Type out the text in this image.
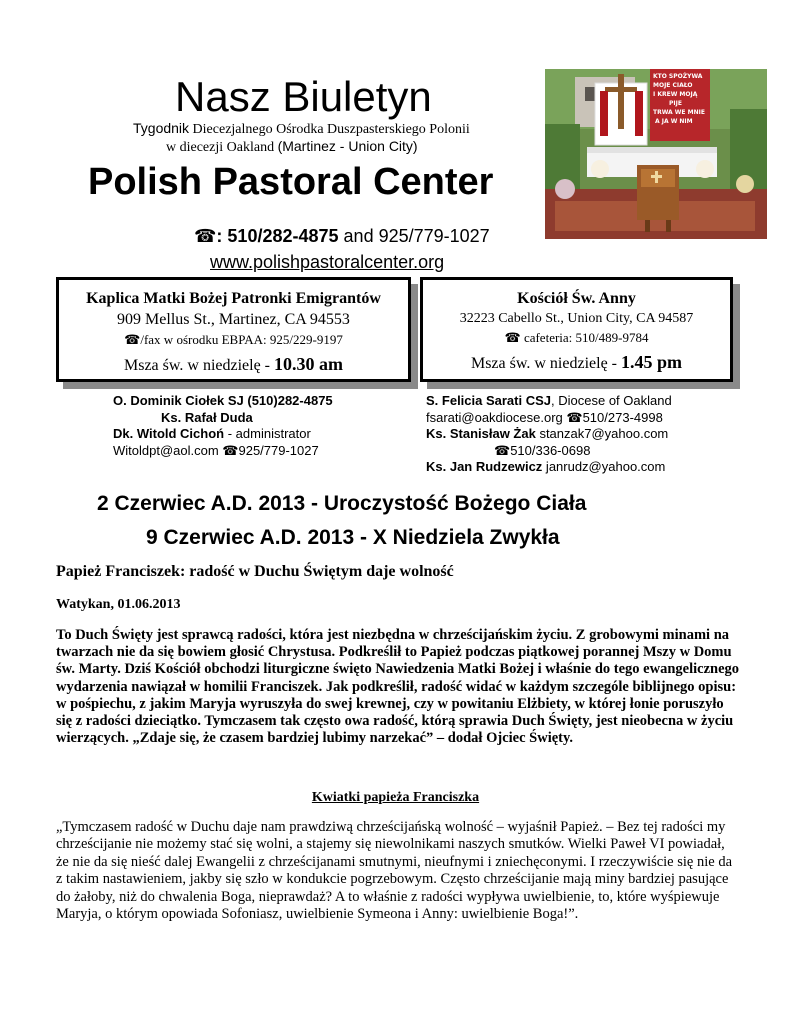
Nasz Biuletyn
Tygodnik Diecezjalnego Ośrodka Duszpasterskiego Polonii
w diecezji Oakland (Martinez - Union City)
Polish Pastoral Center
☎: 510/282-4875 and 925/779-1027
www.polishpastoralcenter.org
KTO SPOŻYWA
MOJE CIAŁO
I KREW MOJĄ
PIJE
TRWA WE MNIE
A JA W NIM
Kaplica Matki Bożej Patronki Emigrantów
909 Mellus St., Martinez, CA 94553
☎/fax w ośrodku EBPAA: 925/229-9197
Msza św. w niedzielę - 10.30 am
Kościół Św. Anny
32223 Cabello St., Union City, CA 94587
☎ cafeteria: 510/489-9784
Msza św. w niedzielę - 1.45 pm
O. Dominik Ciołek SJ (510)282-4875
Ks. Rafał Duda
Dk. Witold Cichoń - administrator
Witoldpt@aol.com ☎925/779-1027
S. Felicia Sarati CSJ, Diocese of Oakland
fsarati@oakdiocese.org ☎510/273-4998
Ks. Stanisław Żak stanzak7@yahoo.com
☎510/336-0698
Ks. Jan Rudzewicz janrudz@yahoo.com
2 Czerwiec A.D. 2013 - Uroczystość Bożego Ciała
9 Czerwiec A.D. 2013 - X Niedziela Zwykła
Papież Franciszek: radość w Duchu Świętym daje wolność
Watykan, 01.06.2013
To Duch Święty jest sprawcą radości, która jest niezbędna w chrześcijańskim życiu. Z grobowymi minami na twarzach nie da się bowiem głosić Chrystusa. Podkreślił to Papież podczas piątkowej porannej Mszy w Domu św. Marty. Dziś Kościół obchodzi liturgiczne święto Nawiedzenia Matki Bożej i właśnie do tego ewangelicznego wydarzenia nawiązał w homilii Franciszek. Jak podkreślił, radość widać w każdym szczególe biblijnego opisu: w pośpiechu, z jakim Maryja wyruszyła do swej krewnej, czy w powitaniu Elżbiety, w której łonie poruszyło się z radości dzieciątko. Tymczasem tak często owa radość, którą sprawia Duch Święty, jest nieobecna w życiu wierzących. „Zdaje się, że czasem bardziej lubimy narzekać” – dodał Ojciec Święty.
Kwiatki papieża Franciszka
„Tymczasem radość w Duchu daje nam prawdziwą chrześcijańską wolność – wyjaśnił Papież. – Bez tej radości my chrześcijanie nie możemy stać się wolni, a stajemy się niewolnikami naszych smutków. Wielki Paweł VI powiadał, że nie da się nieść dalej Ewangelii z chrześcijanami smutnymi, nieufnymi i zniechęconymi. I rzeczywiście się nie da z takim nastawieniem, jakby się szło w kondukcie pogrzebowym. Często chrześcijanie mają miny bardziej pasujące do żałoby, niż do chwalenia Boga, nieprawdaż? A to właśnie z radości wypływa uwielbienie, to, które wyśpiewuje Maryja, o którym opowiada Sofoniasz, uwielbienie Symeona i Anny: uwielbienie Boga!”.
